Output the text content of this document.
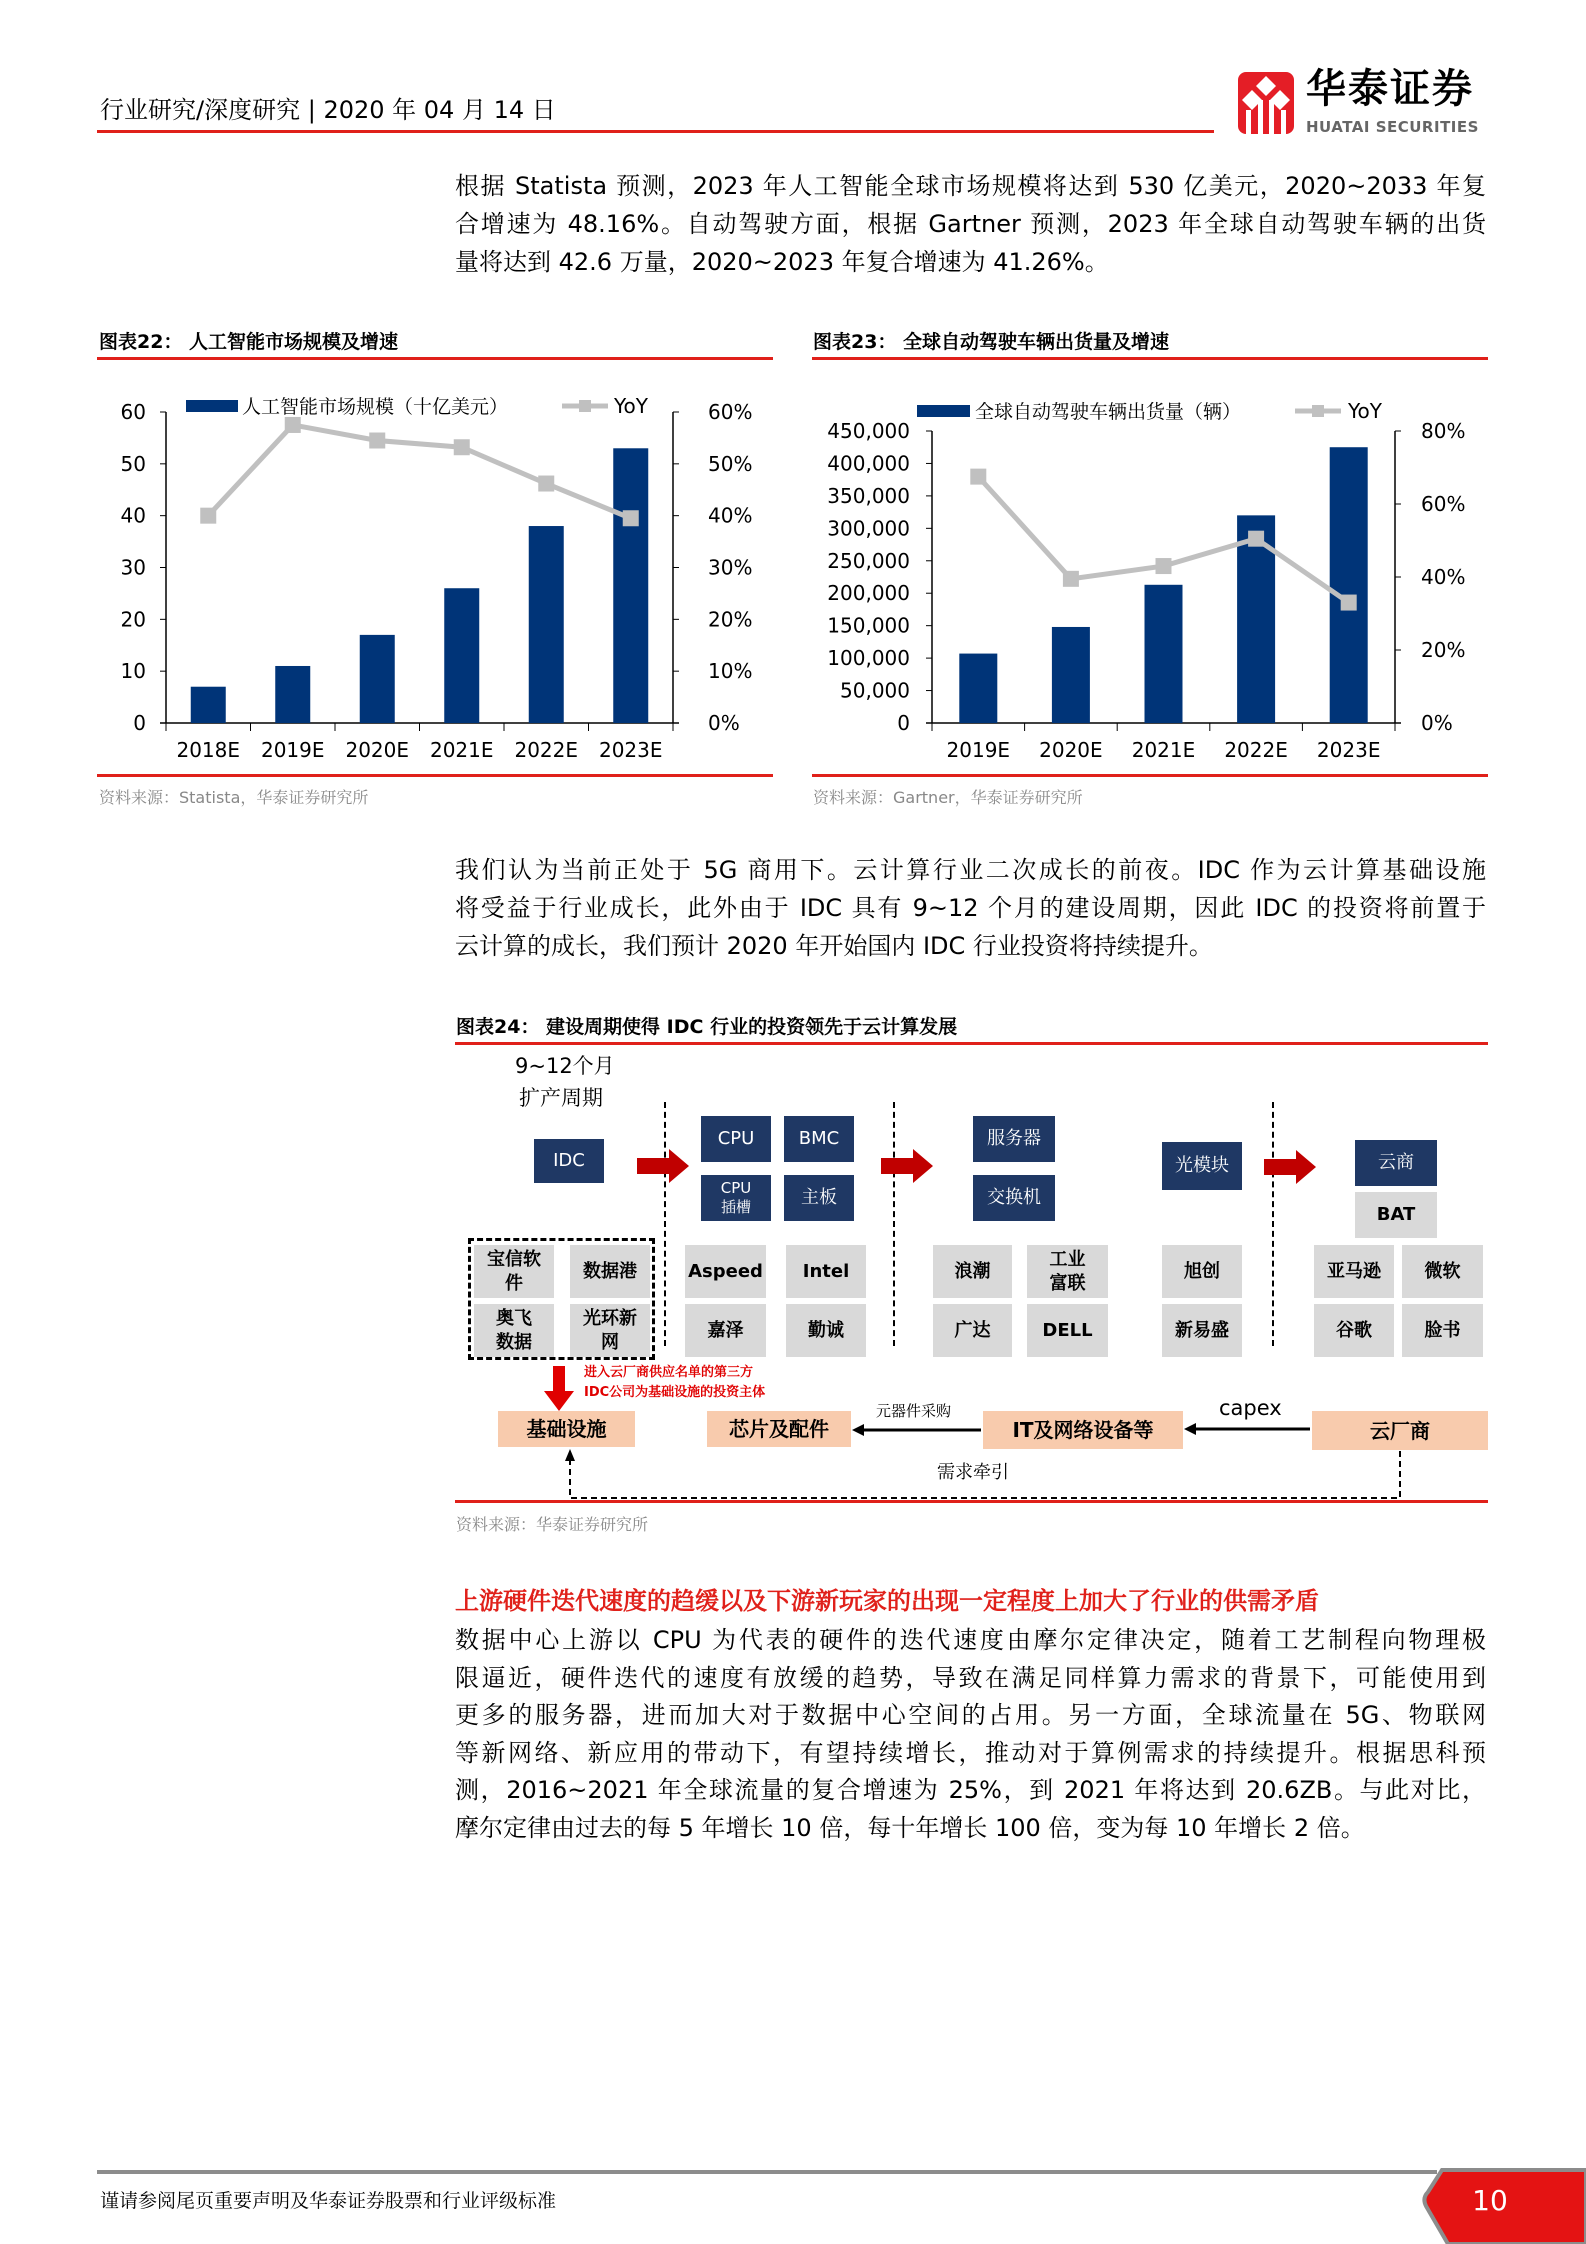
行业研究/深度研究 | 2020 年 04 月 14 日	华泰证券
HUATAI SECURITIES
根据 Statista 预测，2023 年人工智能全球市场规模将达到 530 亿美元，2020~2033 年复
合增速为 48.16%。自动驾驶方面，根据 Gartner 预测，2023 年全球自动驾驶车辆的出货
量将达到 42.6 万量，2020~2023 年复合增速为 41.26%。
图表22： 人工智能市场规模及增速	图表23： 全球自动驾驶车辆出货量及增速
0
10
20
30
40
50
60
0%
10%
20%
30%
40%
50%
60%
2018E 2019E 2020E 2021E 2022E 2023E
人工智能市场规模（十亿美元）	YoY
0
50,000
100,000
150,000
200,000
250,000
300,000
350,000
400,000
450,000
0%
20%
40%
60%
80%
2019E 2020E 2021E 2022E 2023E
全球自动驾驶车辆出货量（辆）	YoY
资料来源：Statista，华泰证券研究所	资料来源：Gartner，华泰证券研究所
我们认为当前正处于 5G 商用下。云计算行业二次成长的前夜。IDC 作为云计算基础设施
将受益于行业成长，此外由于 IDC 具有 9~12 个月的建设周期，因此 IDC 的投资将前置于
云计算的成长，我们预计 2020 年开始国内 IDC 行业投资将持续提升。
图表24： 建设周期使得 IDC 行业的投资领先于云计算发展
9~12个月
扩产周期
IDC
CPU	BMC
CPU
插槽	主板
服务器
交换机
光模块	云商
BAT
宝信软
件
数据港
奥飞
数据
光环新
网
Aspeed	Intel
嘉泽	勤诚
浪潮
工业
富联
广达	DELL
旭创
新易盛
亚马逊	微软
谷歌	脸书
进入云厂商供应名单的第三方
IDC公司为基础设施的投资主体
基础设施	芯片及配件	IT及网络设备等	云厂商
元器件采购	capex
需求牵引
资料来源：华泰证券研究所
上游硬件迭代速度的趋缓以及下游新玩家的出现一定程度上加大了行业的供需矛盾
数据中心上游以 CPU 为代表的硬件的迭代速度由摩尔定律决定，随着工艺制程向物理极
限逼近，硬件迭代的速度有放缓的趋势，导致在满足同样算力需求的背景下，可能使用到
更多的服务器，进而加大对于数据中心空间的占用。另一方面，全球流量在 5G、物联网
等新网络、新应用的带动下，有望持续增长，推动对于算例需求的持续提升。根据思科预
测，2016~2021 年全球流量的复合增速为 25%，到 2021 年将达到 20.6ZB。与此对比，
摩尔定律由过去的每 5 年增长 10 倍，每十年增长 100 倍，变为每 10 年增长 2 倍。
谨请参阅尾页重要声明及华泰证券股票和行业评级标准	10
